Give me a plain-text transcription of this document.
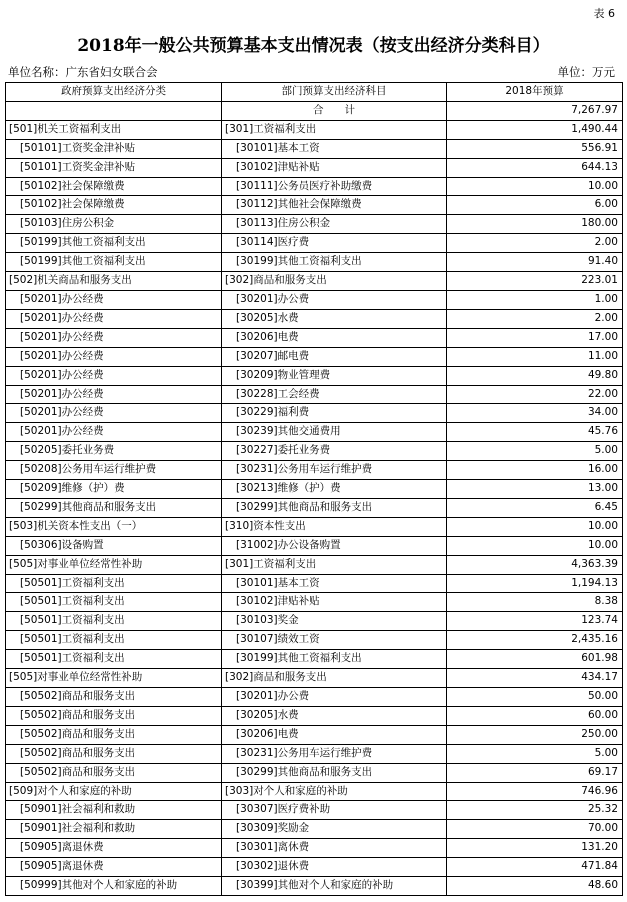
表 6
2018年一般公共预算基本支出情况表（按支出经济分类科目）
单位名称：广东省妇女联合会	单位：万元
政府预算支出经济分类	部门预算支出经济科目	2018年预算
	合　　计	7,267.97
[501]机关工资福利支出	[301]工资福利支出	1,490.44
[50101]工资奖金津补贴	[30101]基本工资	556.91
[50101]工资奖金津补贴	[30102]津贴补贴	644.13
[50102]社会保障缴费	[30111]公务员医疗补助缴费	10.00
[50102]社会保障缴费	[30112]其他社会保障缴费	6.00
[50103]住房公积金	[30113]住房公积金	180.00
[50199]其他工资福利支出	[30114]医疗费	2.00
[50199]其他工资福利支出	[30199]其他工资福利支出	91.40
[502]机关商品和服务支出	[302]商品和服务支出	223.01
[50201]办公经费	[30201]办公费	1.00
[50201]办公经费	[30205]水费	2.00
[50201]办公经费	[30206]电费	17.00
[50201]办公经费	[30207]邮电费	11.00
[50201]办公经费	[30209]物业管理费	49.80
[50201]办公经费	[30228]工会经费	22.00
[50201]办公经费	[30229]福利费	34.00
[50201]办公经费	[30239]其他交通费用	45.76
[50205]委托业务费	[30227]委托业务费	5.00
[50208]公务用车运行维护费	[30231]公务用车运行维护费	16.00
[50209]维修（护）费	[30213]维修（护）费	13.00
[50299]其他商品和服务支出	[30299]其他商品和服务支出	6.45
[503]机关资本性支出（一）	[310]资本性支出	10.00
[50306]设备购置	[31002]办公设备购置	10.00
[505]对事业单位经常性补助	[301]工资福利支出	4,363.39
[50501]工资福利支出	[30101]基本工资	1,194.13
[50501]工资福利支出	[30102]津贴补贴	8.38
[50501]工资福利支出	[30103]奖金	123.74
[50501]工资福利支出	[30107]绩效工资	2,435.16
[50501]工资福利支出	[30199]其他工资福利支出	601.98
[505]对事业单位经常性补助	[302]商品和服务支出	434.17
[50502]商品和服务支出	[30201]办公费	50.00
[50502]商品和服务支出	[30205]水费	60.00
[50502]商品和服务支出	[30206]电费	250.00
[50502]商品和服务支出	[30231]公务用车运行维护费	5.00
[50502]商品和服务支出	[30299]其他商品和服务支出	69.17
[509]对个人和家庭的补助	[303]对个人和家庭的补助	746.96
[50901]社会福利和救助	[30307]医疗费补助	25.32
[50901]社会福利和救助	[30309]奖励金	70.00
[50905]离退休费	[30301]离休费	131.20
[50905]离退休费	[30302]退休费	471.84
[50999]其他对个人和家庭的补助	[30399]其他对个人和家庭的补助	48.60
